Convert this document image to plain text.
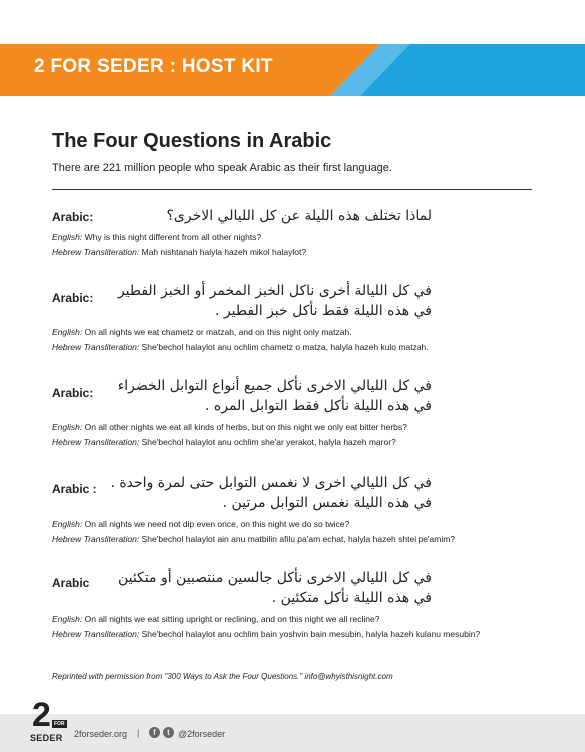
2 FOR SEDER : HOST KIT
The Four Questions in Arabic
There are 221 million people who speak Arabic as their first language.
Arabic:	لماذا تختلف هذه الليلة عن كل الليالي الاخرى؟
English: Why is this night different from all other nights?
Hebrew Transliteration: Mah nishtanah halyla hazeh mikol halaylot?
Arabic: في كل الليالة أخرى ناكل الخبز المخمر أو الخبز الفطير
في هذه الليلة فقط نأكل خبز الفطير .
English: On all nights we eat chametz or matzah, and on this night only matzah.
Hebrew Transliteration: She'bechol halaylot anu ochlim chametz o matza, halyla hazeh kulo matzah.
Arabic: في كل الليالي الاخرى نأكل جميع أنواع التوابل الخضراء
في هذه الليلة نأكل فقط التوابل المره .
English: On all other nights we eat all kinds of herbs, but on this night we only eat bitter herbs?
Hebrew Transliteration: She'bechol halaylot anu ochlim she'ar yerakot, halyla hazeh maror?
Arabic : في كل الليالي اخرى لا نغمس التوابل حتى لمرة واحدة .
في هذه الليلة نغمس التوابل مرتين .
English: On all nights we need not dip even once, on this night we do so twice?
Hebrew Transliteration: She'bechol halaylot ain anu matbilin afilu pa'am echat, halyla hazeh shtei pe'amim?
Arabic في كل الليالي الاخرى نأكل جالسين منتصبين أو متكئين
في هذه الليلة نأكل متكئين .
English: On all nights we eat sitting upright or reclining, and on this night we all recline?
Hebrew Transliteration: She'bechol halaylot anu ochlim bain yoshvin bain mesubin, halyla hazeh kulanu mesubin?
Reprinted with permission from "300 Ways to Ask the Four Questions." info@whyisthisnight.com
2 FOR
SEDER 2forseder.org |	f	t @2forseder
